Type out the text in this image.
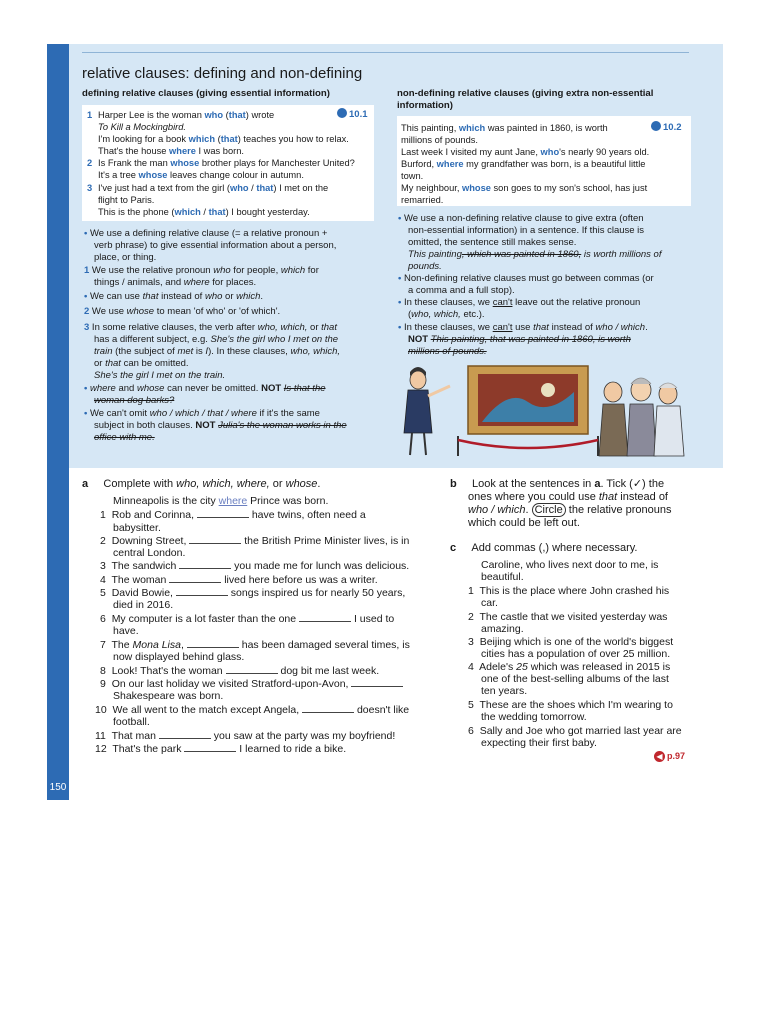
150
relative clauses: defining and non-defining
defining relative clauses (giving essential information)	non-defining relative clauses (giving extra non-essential
information)
10.1
1 Harper Lee is the woman who (that) wrote
To Kill a Mockingbird.
I'm looking for a book which (that) teaches you how to relax.
That's the house where I was born.
2 Is Frank the man whose brother plays for Manchester United?
It's a tree whose leaves change colour in autumn.
3 I've just had a text from the girl (who / that) I met on the
flight to Paris.
This is the phone (which / that) I bought yesterday.
10.2
This painting, which was painted in 1860, is worth
millions of pounds.
Last week I visited my aunt Jane, who's nearly 90 years old.
Burford, where my grandfather was born, is a beautiful little
town.
My neighbour, whose son goes to my son's school, has just
remarried.
• We use a defining relative clause (= a relative pronoun +
verb phrase) to give essential information about a person,
place, or thing.
1 We use the relative pronoun who for people, which for
things / animals, and where for places.
• We can use that instead of who or which.
2 We use whose to mean 'of who' or 'of which'.
3 In some relative clauses, the verb after who, which, or that
has a different subject, e.g. She's the girl who I met on the
train (the subject of met is I). In these clauses, who, which,
or that can be omitted.
She's the girl I met on the train.
• where and whose can never be omitted. NOT Is that the
woman dog barks?
• We can't omit who / which / that / where if it's the same
subject in both clauses. NOT Julia's the woman works in the
office with me.
• We use a non-defining relative clause to give extra (often
non-essential information) in a sentence. If this clause is
omitted, the sentence still makes sense.
This painting, which was painted in 1860, is worth millions of
pounds.
• Non-defining relative clauses must go between commas (or
a comma and a full stop).
• In these clauses, we can't leave out the relative pronoun
(who, which, etc.).
• In these clauses, we can't use that instead of who / which.
NOT This painting, that was painted in 1860, is worth
millions of pounds.
a Complete with who, which, where, or whose.
Minneapolis is the city where Prince was born.
1 Rob and Corinna,	have twins, often need a
babysitter.
2 Downing Street,	the British Prime Minister lives, is in
central London.
3 The sandwich	you made me for lunch was delicious.
4 The woman	lived here before us was a writer.
5 David Bowie,	songs inspired us for nearly 50 years,
died in 2016.
6 My computer is a lot faster than the one	I used to
have.
7 The Mona Lisa,	has been damaged several times, is
now displayed behind glass.
8 Look! That's the woman	dog bit me last week.
9 On our last holiday we visited Stratford-upon-Avon,
Shakespeare was born.
10 We all went to the match except Angela,	doesn't like
football.
11 That man	you saw at the party was my boyfriend!
12 That's the park	I learned to ride a bike.
b Look at the sentences in a. Tick (✓) the
ones where you could use that instead of
who / which. Circle the relative pronouns
which could be left out.
c Add commas (,) where necessary.
Caroline, who lives next door to me, is
beautiful.
1 This is the place where John crashed his
car.
2 The castle that we visited yesterday was
amazing.
3 Beijing which is one of the world's biggest
cities has a population of over 25 million.
4 Adele's 25 which was released in 2015 is
one of the best-selling albums of the last
ten years.
5 These are the shoes which I'm wearing to
the wedding tomorrow.
6 Sally and Joe who got married last year are
expecting their first baby.
◀ p.97
